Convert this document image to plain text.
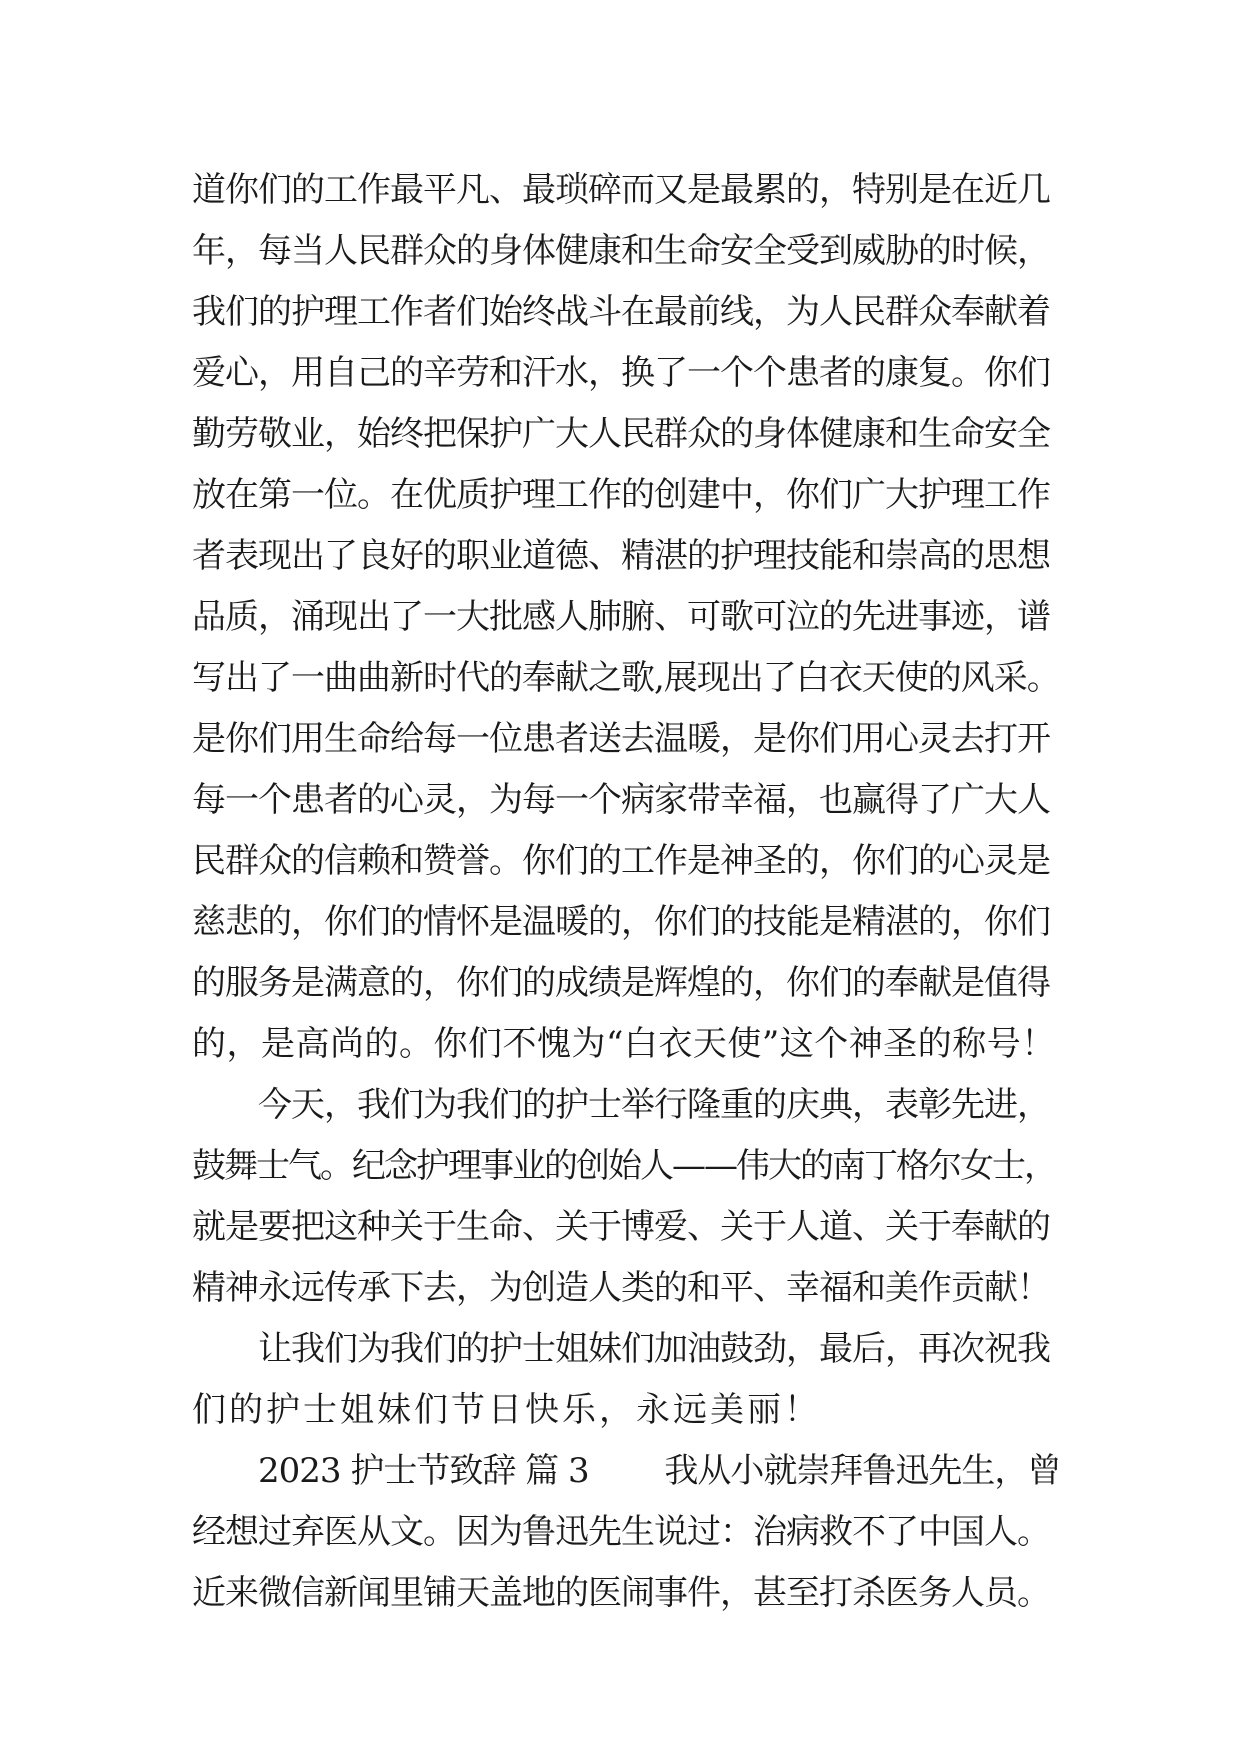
道你们的工作最平凡、最琐碎而又是最累的，特别是在近几
年，每当人民群众的身体健康和生命安全受到威胁的时候，
我们的护理工作者们始终战斗在最前线，为人民群众奉献着
爱心，用自己的辛劳和汗水，换了一个个患者的康复。你们
勤劳敬业，始终把保护广大人民群众的身体健康和生命安全
放在第一位。在优质护理工作的创建中，你们广大护理工作
者表现出了良好的职业道德、精湛的护理技能和崇高的思想
品质，涌现出了一大批感人肺腑、可歌可泣的先进事迹，谱
写出了一曲曲新时代的奉献之歌,展现出了白衣天使的风采。
是你们用生命给每一位患者送去温暖，是你们用心灵去打开
每一个患者的心灵，为每一个病家带幸福，也赢得了广大人
民群众的信赖和赞誉。你们的工作是神圣的，你们的心灵是
慈悲的，你们的情怀是温暖的，你们的技能是精湛的，你们
的服务是满意的，你们的成绩是辉煌的，你们的奉献是值得
的，是高尚的。你们不愧为“白衣天使”这个神圣的称号！
　　今天，我们为我们的护士举行隆重的庆典，表彰先进，
鼓舞士气。纪念护理事业的创始人——伟大的南丁格尔女士，
就是要把这种关于生命、关于博爱、关于人道、关于奉献的
精神永远传承下去，为创造人类的和平、幸福和美作贡献！
　　让我们为我们的护士姐妹们加油鼓劲，最后，再次祝我
们的护士姐妹们节日快乐，永远美丽！
　　2023 护士节致辞 篇 3　　 我从小就崇拜鲁迅先生，曾
经想过弃医从文。因为鲁迅先生说过：治病救不了中国人。
近来微信新闻里铺天盖地的医闹事件，甚至打杀医务人员。
